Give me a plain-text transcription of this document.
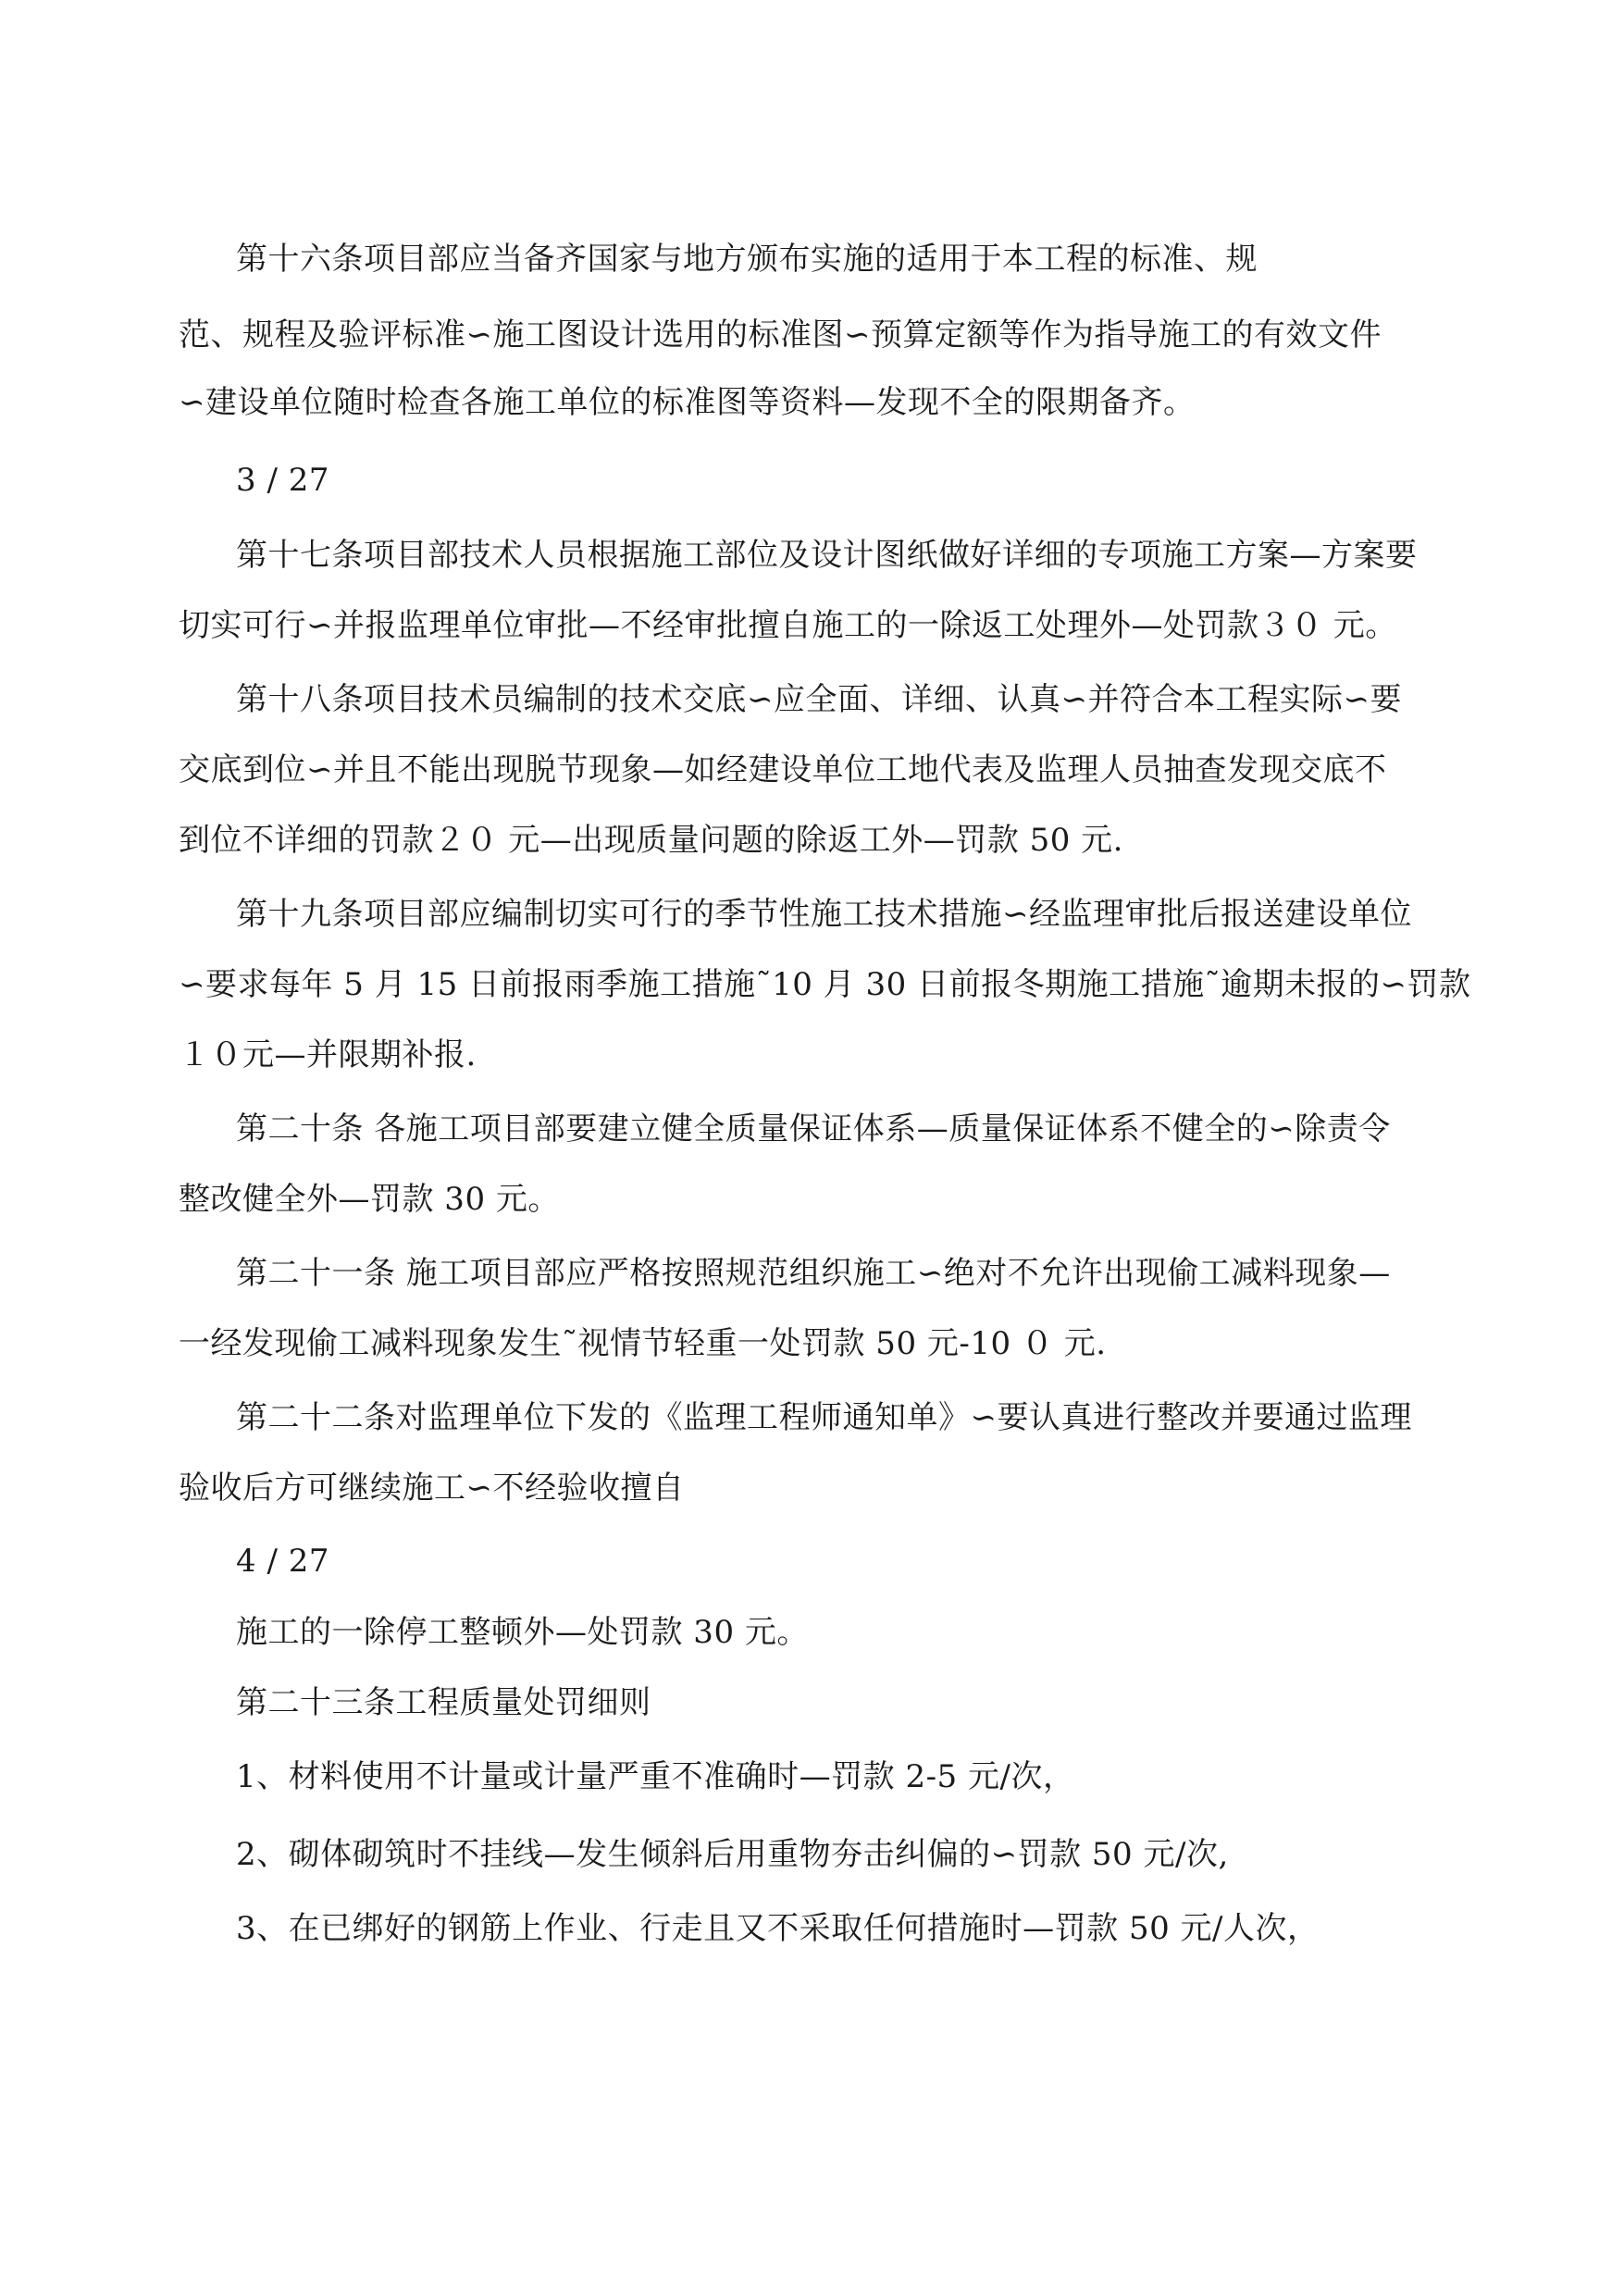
第十六条项目部应当备齐国家与地方颁布实施的适用于本工程的标准、规
范、规程及验评标准∽施工图设计选用的标准图∽预算定额等作为指导施工的有效文件
∽建设单位随时检查各施工单位的标准图等资料—发现不全的限期备齐。
3 / 27
第十七条项目部技术人员根据施工部位及设计图纸做好详细的专项施工方案—方案要
切实可行∽并报监理单位审批—不经审批擅自施工的一除返工处理外—处罚款３０ 元。
第十八条项目技术员编制的技术交底∽应全面、详细、认真∽并符合本工程实际∽要
交底到位∽并且不能出现脱节现象—如经建设单位工地代表及监理人员抽查发现交底不
到位不详细的罚款２０ 元—出现质量问题的除返工外—罚款 50 元.
第十九条项目部应编制切实可行的季节性施工技术措施∽经监理审批后报送建设单位
∽要求每年 5 月 15 日前报雨季施工措施˜10 月 30 日前报冬期施工措施˜逾期未报的∽罚款
１０元—并限期补报.
第二十条 各施工项目部要建立健全质量保证体系—质量保证体系不健全的∽除责令
整改健全外—罚款 30 元。
第二十一条 施工项目部应严格按照规范组织施工∽绝对不允许出现偷工减料现象—
一经发现偷工减料现象发生˜视情节轻重一处罚款 50 元-10 ０ 元.
第二十二条对监理单位下发的《监理工程师通知单》∽要认真进行整改并要通过监理
验收后方可继续施工∽不经验收擅自
4 / 27
施工的一除停工整顿外—处罚款 30 元。
第二十三条工程质量处罚细则
1、材料使用不计量或计量严重不准确时—罚款 2-5 元/次，
2、砌体砌筑时不挂线—发生倾斜后用重物夯击纠偏的∽罚款 50 元/次,
3、在已绑好的钢筋上作业、行走且又不采取任何措施时—罚款 50 元/人次，
